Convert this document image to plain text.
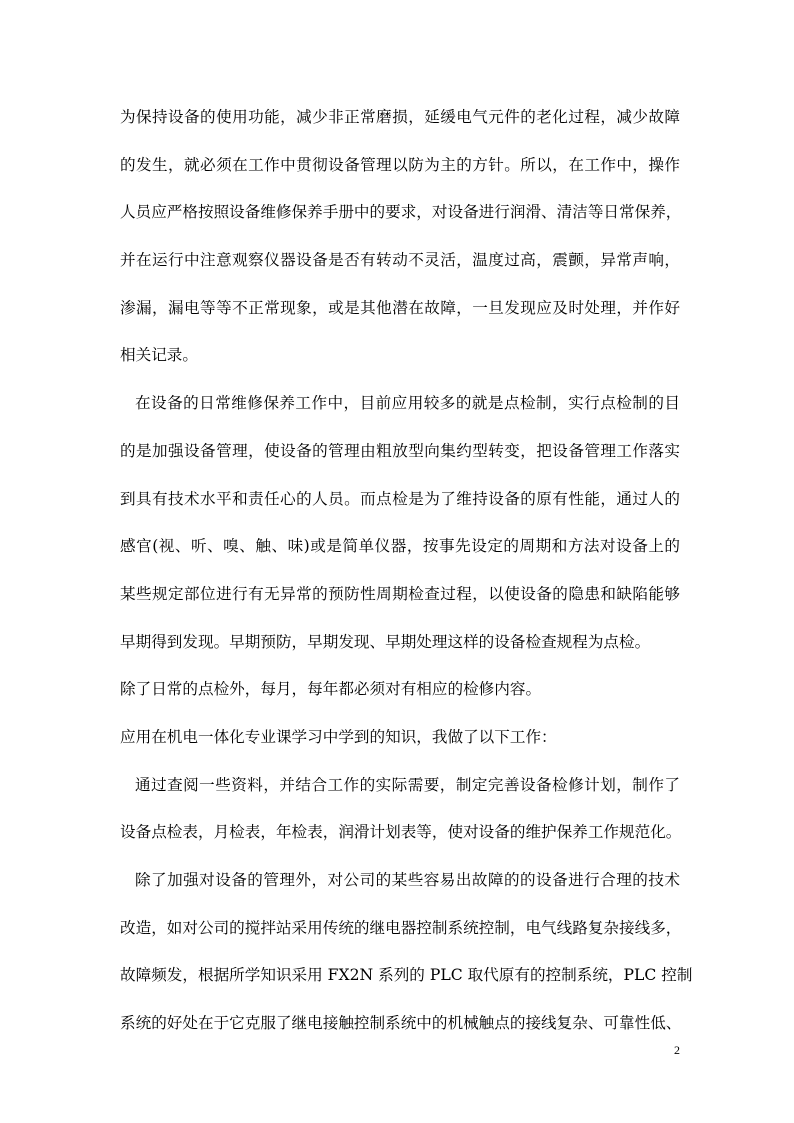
为保持设备的使用功能，减少非正常磨损，延缓电气元件的老化过程，减少故障
的发生，就必须在工作中贯彻设备管理以防为主的方针。所以，在工作中，操作
人员应严格按照设备维修保养手册中的要求，对设备进行润滑、清洁等日常保养，
并在运行中注意观察仪器设备是否有转动不灵活，温度过高，震颤，异常声响，
渗漏，漏电等等不正常现象，或是其他潜在故障，一旦发现应及时处理，并作好
相关记录。
在设备的日常维修保养工作中，目前应用较多的就是点检制，实行点检制的目
的是加强设备管理，使设备的管理由粗放型向集约型转变，把设备管理工作落实
到具有技术水平和责任心的人员。而点检是为了维持设备的原有性能，通过人的
感官(视、听、嗅、触、味)或是简单仪器，按事先设定的周期和方法对设备上的
某些规定部位进行有无异常的预防性周期检查过程，以使设备的隐患和缺陷能够
早期得到发现。早期预防，早期发现、早期处理这样的设备检查规程为点检。
除了日常的点检外，每月，每年都必须对有相应的检修内容。
应用在机电一体化专业课学习中学到的知识，我做了以下工作：
通过查阅一些资料，并结合工作的实际需要，制定完善设备检修计划，制作了
设备点检表，月检表，年检表，润滑计划表等，使对设备的维护保养工作规范化。
除了加强对设备的管理外，对公司的某些容易出故障的的设备进行合理的技术
改造，如对公司的搅拌站采用传统的继电器控制系统控制，电气线路复杂接线多，
故障频发，根据所学知识采用 FX2N 系列的 PLC 取代原有的控制系统，PLC 控制
系统的好处在于它克服了继电接触控制系统中的机械触点的接线复杂、可靠性低、
2
